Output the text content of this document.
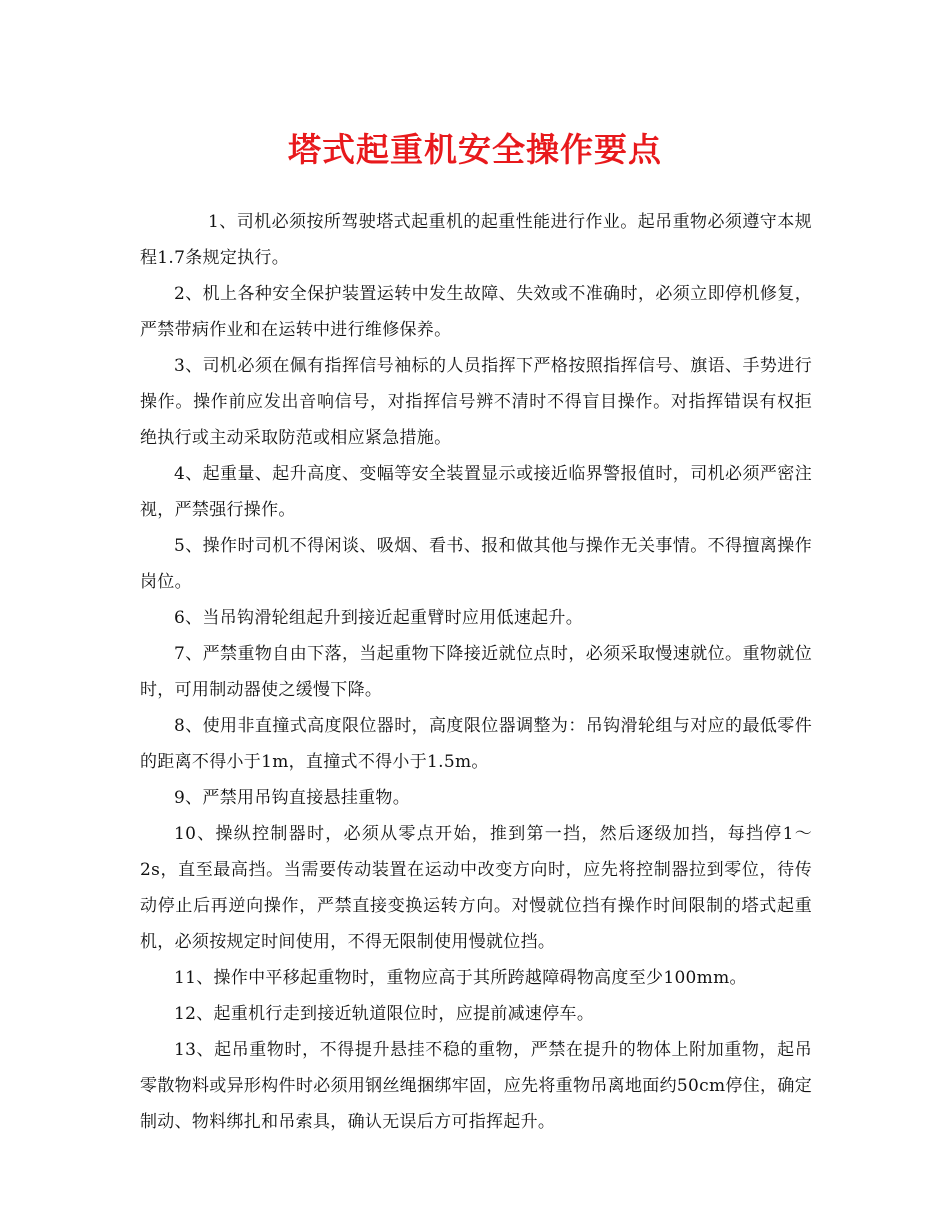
塔式起重机安全操作要点

1、司机必须按所驾驶塔式起重机的起重性能进行作业。起吊重物必须遵守本规程1.7条规定执行。

2、机上各种安全保护装置运转中发生故障、失效或不准确时，必须立即停机修复，严禁带病作业和在运转中进行维修保养。

3、司机必须在佩有指挥信号袖标的人员指挥下严格按照指挥信号、旗语、手势进行操作。操作前应发出音响信号，对指挥信号辨不清时不得盲目操作。对指挥错误有权拒绝执行或主动采取防范或相应紧急措施。

4、起重量、起升高度、变幅等安全装置显示或接近临界警报值时，司机必须严密注视，严禁强行操作。

5、操作时司机不得闲谈、吸烟、看书、报和做其他与操作无关事情。不得擅离操作岗位。

6、当吊钩滑轮组起升到接近起重臂时应用低速起升。

7、严禁重物自由下落，当起重物下降接近就位点时，必须采取慢速就位。重物就位时，可用制动器使之缓慢下降。

8、使用非直撞式高度限位器时，高度限位器调整为：吊钩滑轮组与对应的最低零件的距离不得小于1m，直撞式不得小于1.5m。

9、严禁用吊钩直接悬挂重物。

10、操纵控制器时，必须从零点开始，推到第一挡，然后逐级加挡，每挡停1～2s，直至最高挡。当需要传动装置在运动中改变方向时，应先将控制器拉到零位，待传动停止后再逆向操作，严禁直接变换运转方向。对慢就位挡有操作时间限制的塔式起重机，必须按规定时间使用，不得无限制使用慢就位挡。

11、操作中平移起重物时，重物应高于其所跨越障碍物高度至少100mm。

12、起重机行走到接近轨道限位时，应提前减速停车。

13、起吊重物时，不得提升悬挂不稳的重物，严禁在提升的物体上附加重物，起吊零散物料或异形构件时必须用钢丝绳捆绑牢固，应先将重物吊离地面约50cm停住，确定制动、物料绑扎和吊索具，确认无误后方可指挥起升。
